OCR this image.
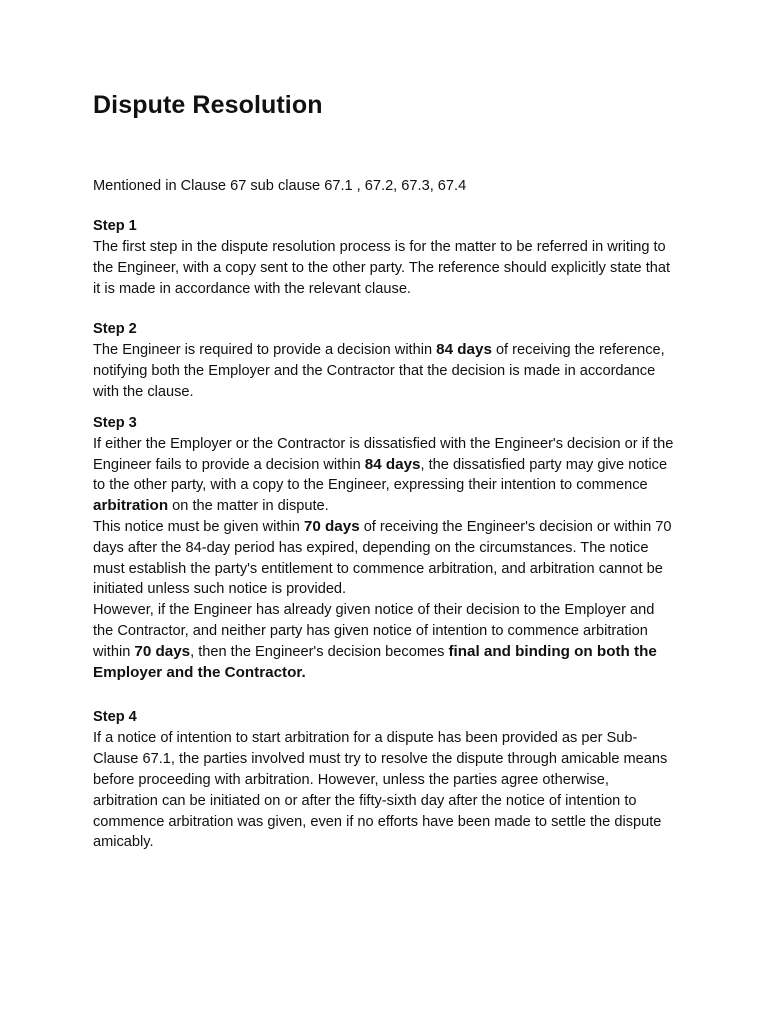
Dispute Resolution

Mentioned in Clause 67 sub clause 67.1 , 67.2, 67.3, 67.4

Step 1

The first step in the dispute resolution process is for the matter to be referred in writing to the Engineer, with a copy sent to the other party. The reference should explicitly state that it is made in accordance with the relevant clause.

Step 2

The Engineer is required to provide a decision within 84 days of receiving the reference, notifying both the Employer and the Contractor that the decision is made in accordance with the clause.

Step 3

If either the Employer or the Contractor is dissatisfied with the Engineer's decision or if the Engineer fails to provide a decision within 84 days, the dissatisfied party may give notice to the other party, with a copy to the Engineer, expressing their intention to commence arbitration on the matter in dispute.

This notice must be given within 70 days of receiving the Engineer's decision or within 70 days after the 84-day period has expired, depending on the circumstances. The notice must establish the party's entitlement to commence arbitration, and arbitration cannot be initiated unless such notice is provided.

However, if the Engineer has already given notice of their decision to the Employer and the Contractor, and neither party has given notice of intention to commence arbitration within 70 days, then the Engineer's decision becomes final and binding on both the Employer and the Contractor.

Step 4

If a notice of intention to start arbitration for a dispute has been provided as per Sub-Clause 67.1, the parties involved must try to resolve the dispute through amicable means before proceeding with arbitration. However, unless the parties agree otherwise, arbitration can be initiated on or after the fifty-sixth day after the notice of intention to commence arbitration was given, even if no efforts have been made to settle the dispute amicably.
